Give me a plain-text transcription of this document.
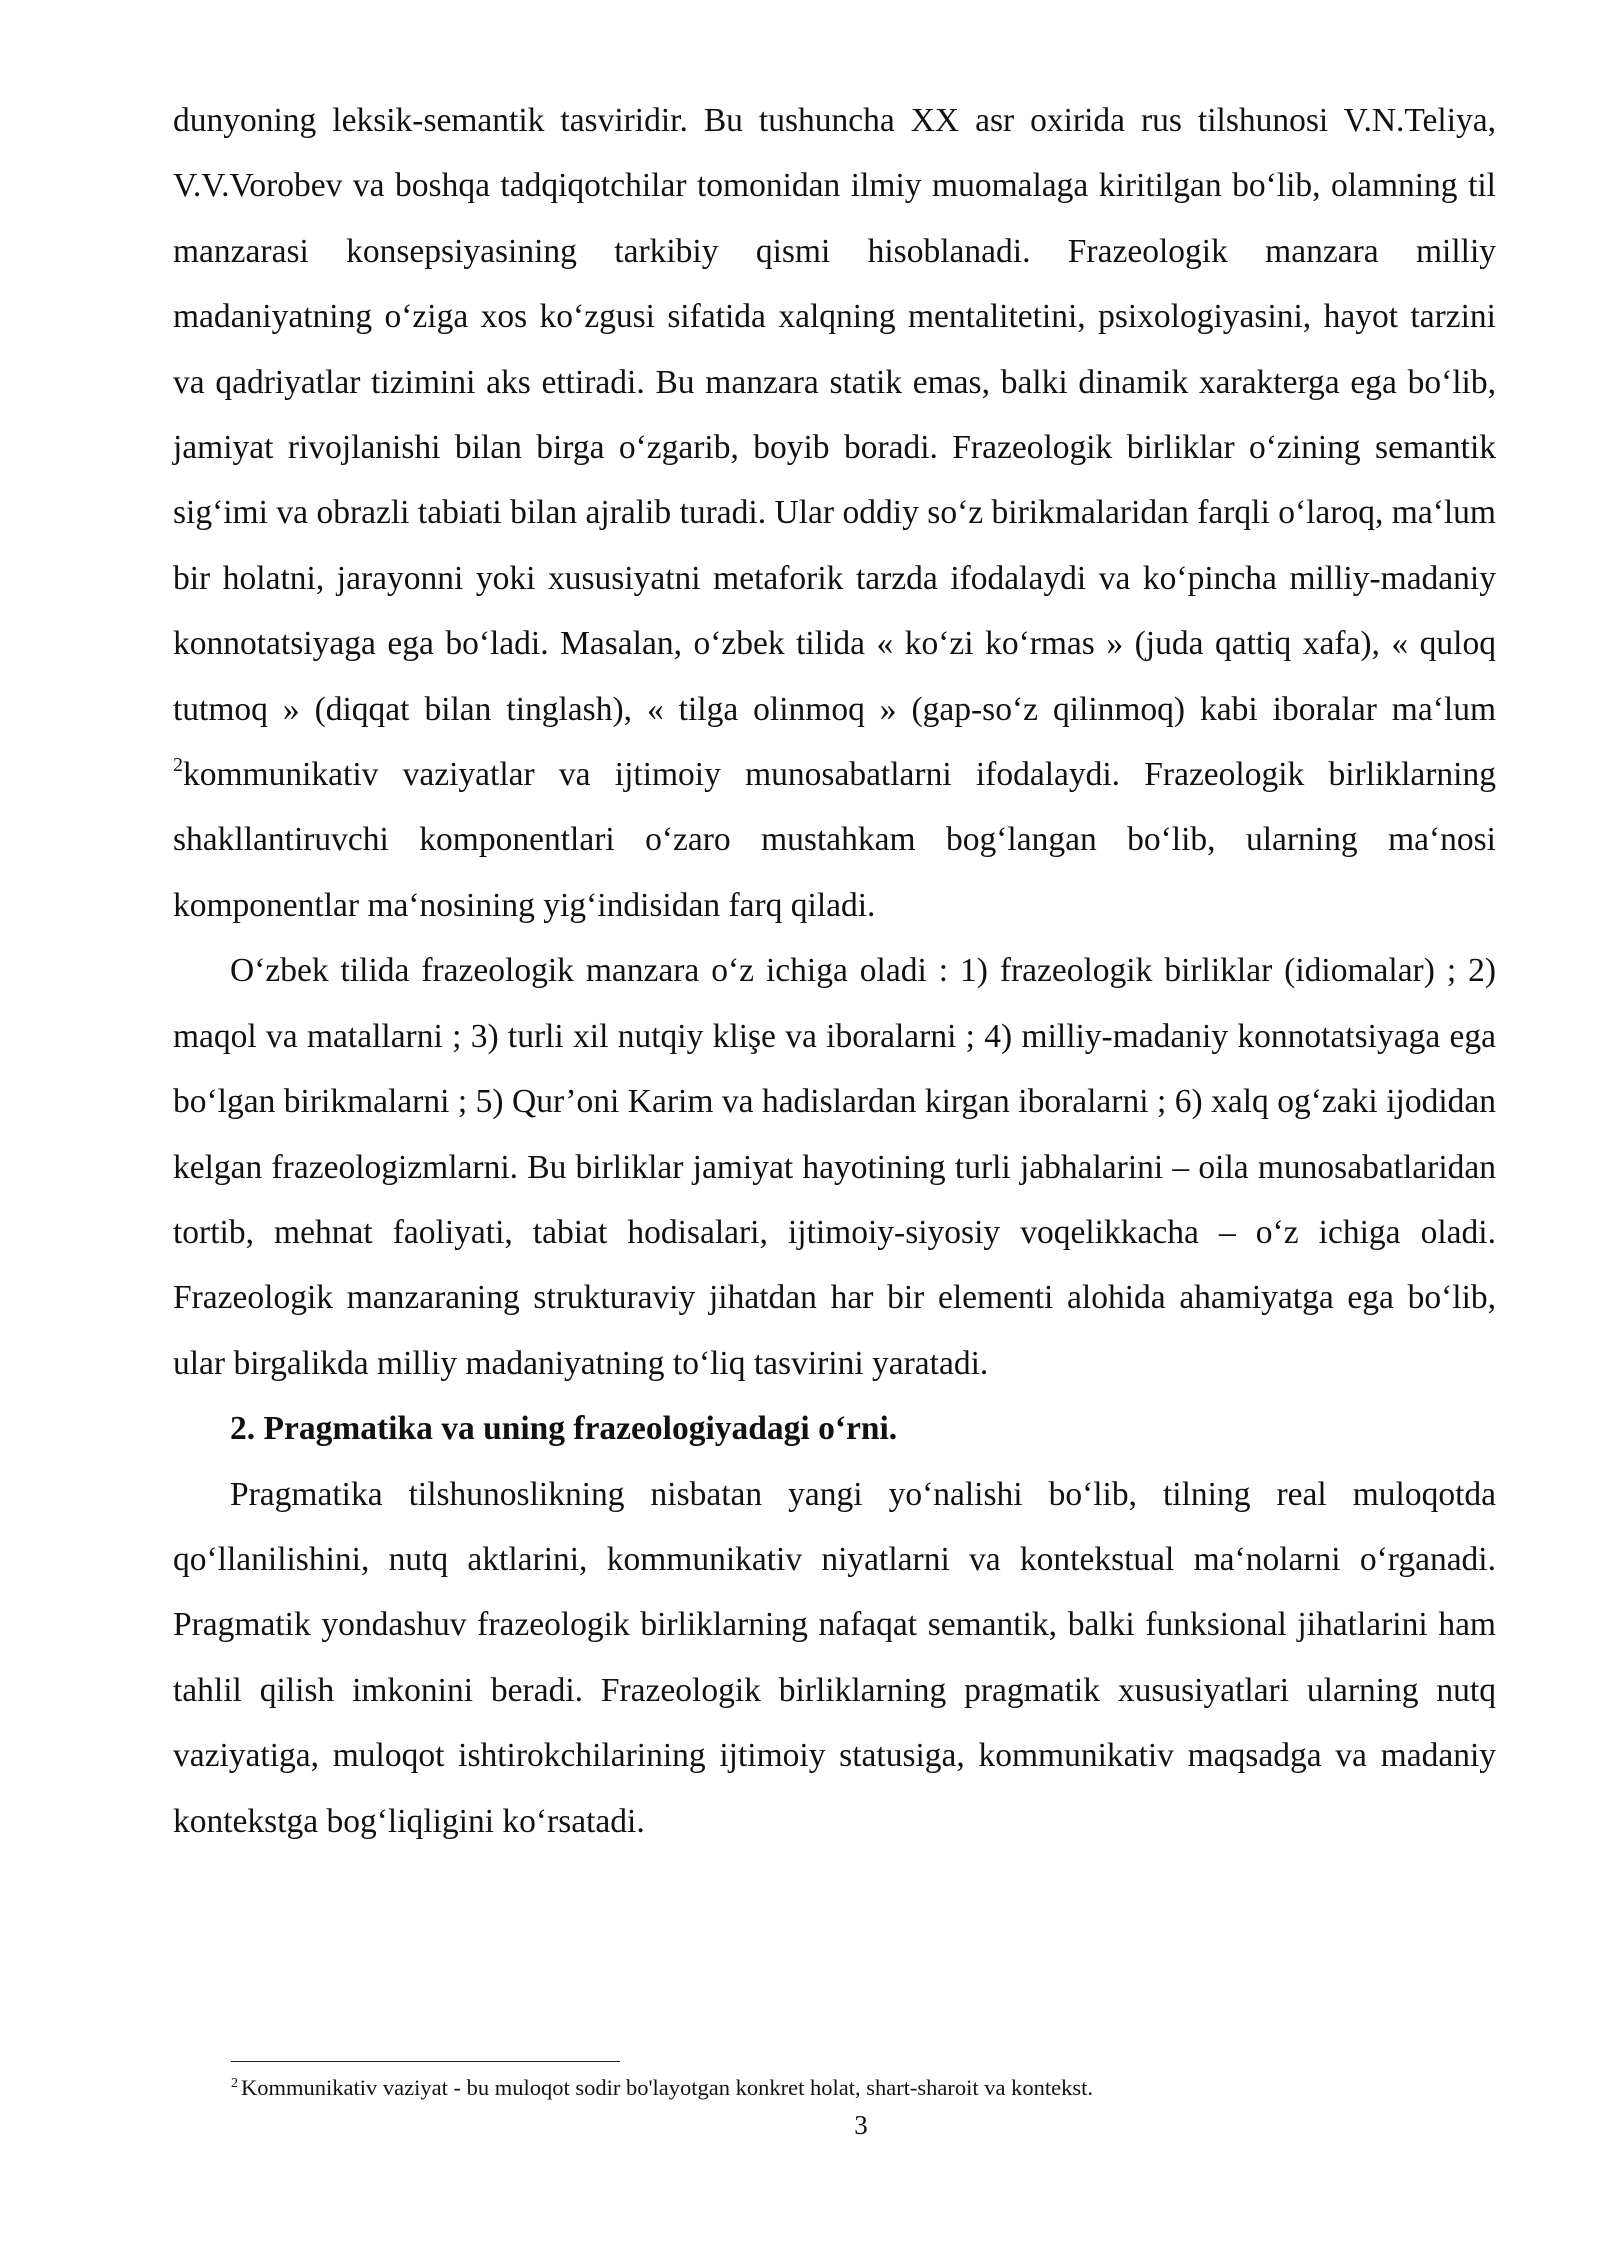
dunyoning leksik-semantik tasviridir. Bu tushuncha XX asr oxirida rus tilshunosi V.N.Teliya, V.V.Vorobev va boshqa tadqiqotchilar tomonidan ilmiy muomalaga kiritilgan bo‘lib, olamning til manzarasi konsepsiyasining tarkibiy qismi hisoblanadi. Frazeologik manzara milliy madaniyatning o‘ziga xos ko‘zgusi sifatida xalqning mentalitetini, psixologiyasini, hayot tarzini va qadriyatlar tizimini aks ettiradi. Bu manzara statik emas, balki dinamik xarakterga ega bo‘lib, jamiyat rivojlanishi bilan birga o‘zgarib, boyib boradi. Frazeologik birliklar o‘zining semantik sig‘imi va obrazli tabiati bilan ajralib turadi. Ular oddiy so‘z birikmalaridan farqli o‘laroq, ma‘lum bir holatni, jarayonni yoki xususiyatni metaforik tarzda ifodalaydi va ko‘pincha milliy-madaniy konnotatsiyaga ega bo‘ladi. Masalan, o‘zbek tilida « ko‘zi ko‘rmas » (juda qattiq xafa), « quloq tutmoq » (diqqat bilan tinglash), « tilga olinmoq » (gap-so‘z qilinmoq) kabi iboralar ma‘lum $^2$kommunikativ vaziyatlar va ijtimoiy munosabatlarni ifodalaydi. Frazeologik birliklarning shakllantiruvchi komponentlari o‘zaro mustahkam bog‘langan bo‘lib, ularning ma‘nosi komponentlar ma‘nosining yig‘indisidan farq qiladi.

O‘zbek tilida frazeologik manzara o‘z ichiga oladi : 1) frazeologik birliklar (idiomalar) ; 2) maqol va matallarni ; 3) turli xil nutqiy klişe va iboralarni ; 4) milliy-madaniy konnotatsiyaga ega bo‘lgan birikmalarni ; 5) Qur’oni Karim va hadislardan kirgan iboralarni ; 6) xalq og‘zaki ijodidan kelgan frazeologizmlarni. Bu birliklar jamiyat hayotining turli jabhalarini – oila munosabatlaridan tortib, mehnat faoliyati, tabiat hodisalari, ijtimoiy-siyosiy voqelikkacha – o‘z ichiga oladi. Frazeologik manzaraning strukturaviy jihatdan har bir elementi alohida ahamiyatga ega bo‘lib, ular birgalikda milliy madaniyatning to‘liq tasvirini yaratadi.

2. Pragmatika va uning frazeologiyadagi o‘rni.

Pragmatika tilshunoslikning nisbatan yangi yo‘nalishi bo‘lib, tilning real muloqotda qo‘llanilishini, nutq aktlarini, kommunikativ niyatlarni va kontekstual ma‘nolarni o‘rganadi. Pragmatik yondashuv frazeologik birliklarning nafaqat semantik, balki funksional jihatlarini ham tahlil qilish imkonini beradi. Frazeologik birliklarning pragmatik xususiyatlari ularning nutq vaziyatiga, muloqot ishtirokchilarining ijtimoiy statusiga, kommunikativ maqsadga va madaniy kontekstga bog‘liqligini ko‘rsatadi.

$^2$ Kommunikativ vaziyat - bu muloqot sodir bo'layotgan konkret holat, shart-sharoit va kontekst.
3
